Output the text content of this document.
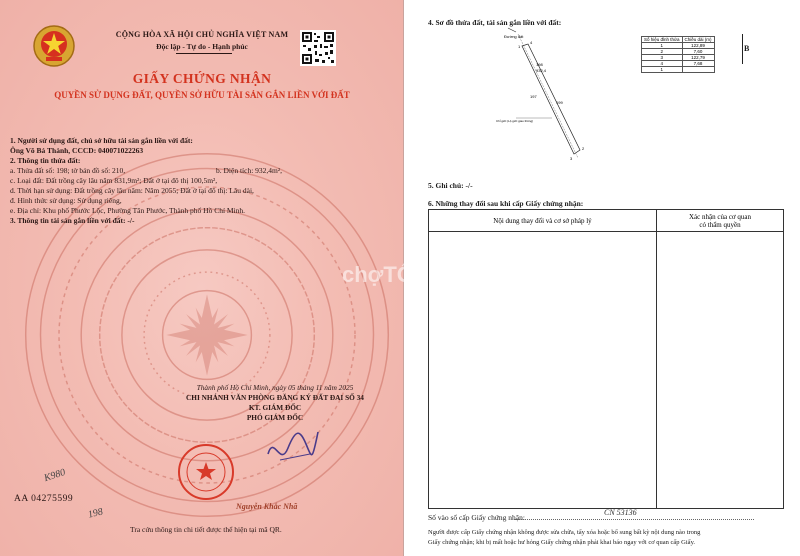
CỘNG HÒA XÃ HỘI CHỦ NGHĨA VIỆT NAM
Độc lập - Tự do - Hạnh phúc
GIẤY CHỨNG NHẬN
QUYỀN SỬ DỤNG ĐẤT, QUYỀN SỞ HỮU TÀI SẢN GẮN LIỀN VỚI ĐẤT
1. Người sử dụng đất, chủ sở hữu tài sản gắn liền với đất:
Ông Võ Bá Thành, CCCD: 040071022263
2. Thông tin thửa đất:
a. Thửa đất số: 198; tờ bản đồ số: 210,	b. Diện tích: 932,4m²,
c. Loại đất: Đất trồng cây lâu năm 831,9m²; Đất ở tại đô thị 100,5m²,
d. Thời hạn sử dụng: Đất trồng cây lâu năm: Năm 2055; Đất ở tại đô thị: Lâu dài,
đ. Hình thức sử dụng: Sử dụng riêng,
e. Địa chỉ: Khu phố Phước Lộc, Phường Tân Phước, Thành phố Hồ Chí Minh.
3. Thông tin tài sản gắn liền với đất: -/-
Thành phố Hồ Chí Minh, ngày 05 tháng 11 năm 2025
CHI NHÁNH VĂN PHÒNG ĐĂNG KÝ ĐẤT ĐAI SỐ 34
KT. GIÁM ĐỐC
PHÓ GIÁM ĐỐC
Nguyễn Khắc Nhã
AA 04275599
K980
198
Tra cứu thông tin chi tiết được thể hiện tại mã QR.
4. Sơ đồ thửa đất, tài sản gắn liền với đất:
Đường đất
198
932,4
197
199
Chỉ giới (Lộ giới giao thông)
2
3
1
4
Số hiệu đỉnh thửa	Chiều dài (m)
1	122,89
2	7,60
3	122,79
4	7,68
1	
B
5. Ghi chú: -/-
6. Những thay đổi sau khi cấp Giấy chứng nhận:
Nội dung thay đổi và cơ sở pháp lý	Xác nhận của cơ quan
có thẩm quyền

Số vào sổ cấp Giấy chứng nhận:
CN 53136
Người được cấp Giấy chứng nhận không được sửa chữa, tẩy xóa hoặc bổ sung bất kỳ nội dung nào trong
Giấy chứng nhận; khi bị mất hoặc hư hỏng Giấy chứng nhận phải khai báo ngay với cơ quan cấp Giấy.
chợTỐT
